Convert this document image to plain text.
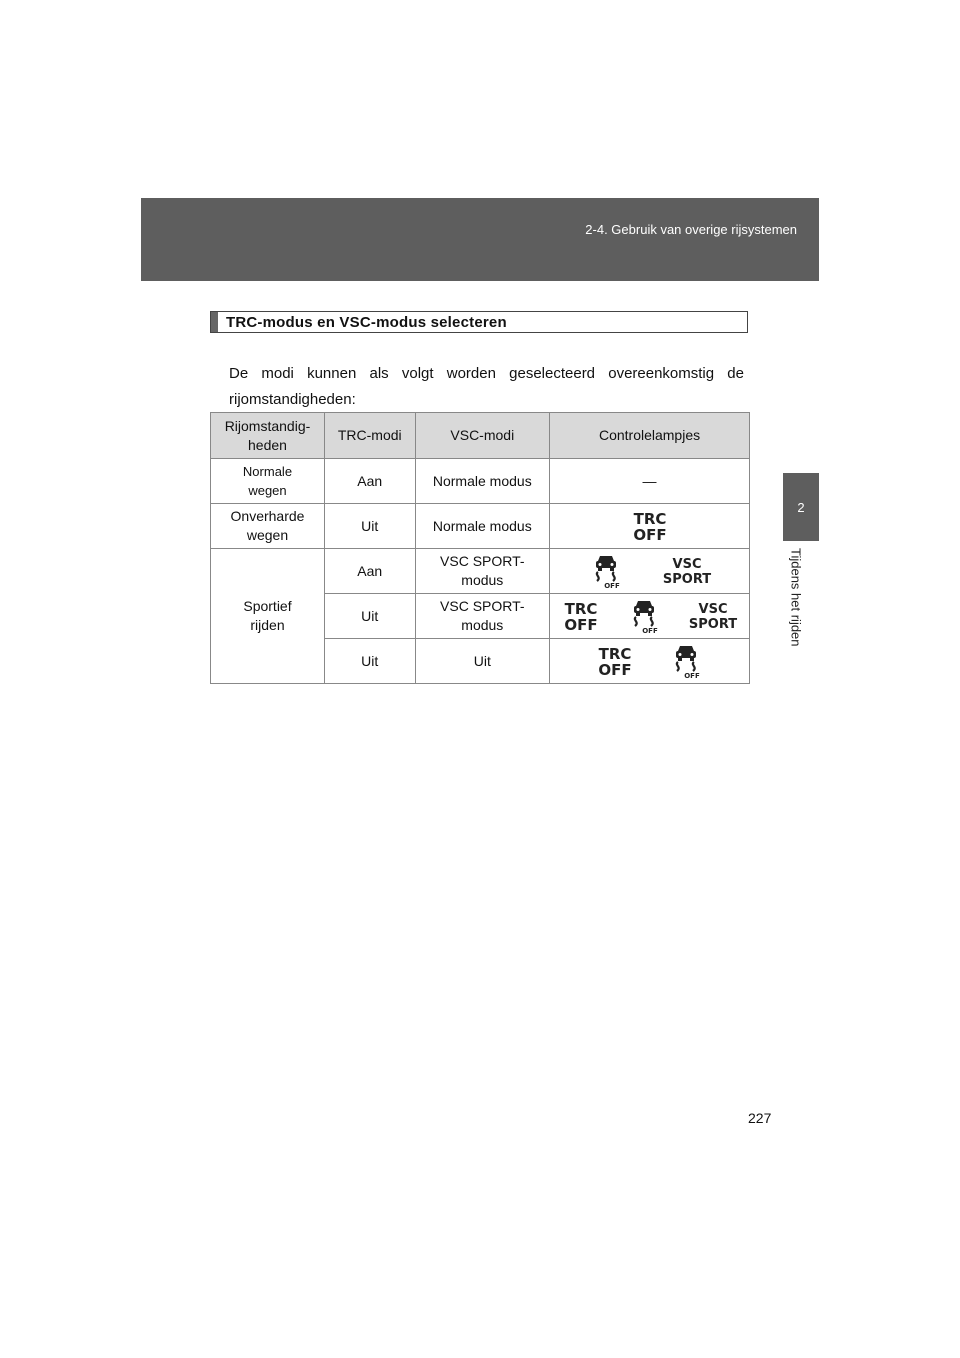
2-4. Gebruik van overige rijsystemen
2
Tijdens het rijden
TRC-modus en VSC-modus selecteren

De modi kunnen als volgt worden geselecteerd overeenkomstig de rijomstandigheden:

Rijomstandig-heden	TRC-modi	VSC-modi	Controlelampjes
Normale wegen	Aan	Normale modus	—
Onverharde wegen	Uit	Normale modus	TRC
OFF

Sportief rijden	Aan	VSC SPORT-modus	OFF
VSC
SPORT

	Uit	VSC SPORT-modus	TRC
OFF OFF
VSC
SPORT

	Uit	Uit	TRC
OFF OFF
227
